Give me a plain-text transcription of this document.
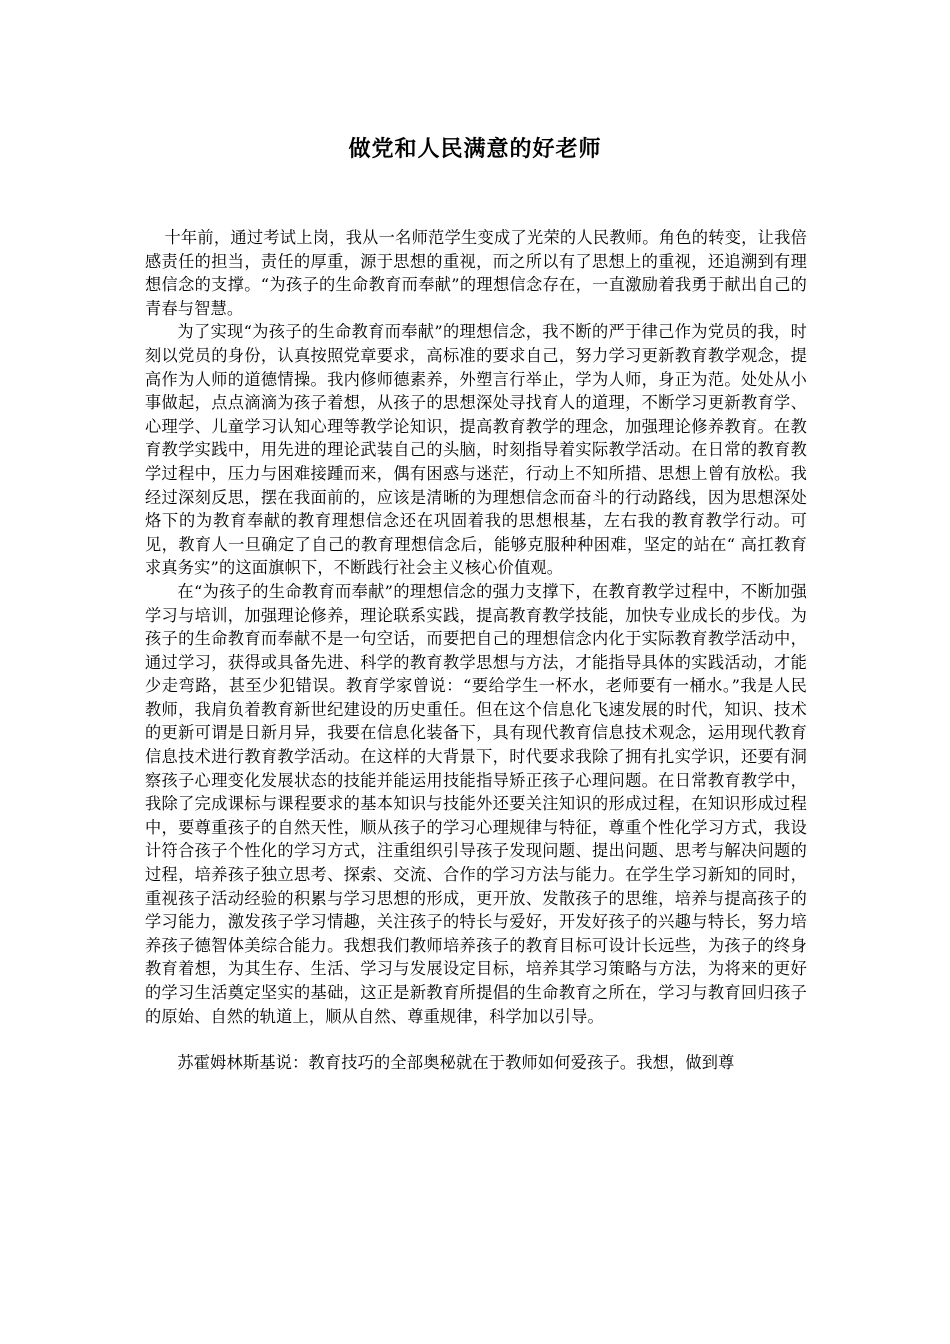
做党和人民满意的好老师

十年前，通过考试上岗，我从一名师范学生变成了光荣的人民教师。角色的转变，让我倍感责任的担当，责任的厚重，源于思想的重视，而之所以有了思想上的重视，还追溯到有理想信念的支撑。“为孩子的生命教育而奉献”的理想信念存在，一直激励着我勇于献出自己的青春与智慧。

为了实现“为孩子的生命教育而奉献”的理想信念，我不断的严于律己作为党员的我，时刻以党员的身份，认真按照党章要求，高标准的要求自己，努力学习更新教育教学观念，提高作为人师的道德情操。我内修师德素养，外塑言行举止，学为人师，身正为范。处处从小事做起，点点滴滴为孩子着想，从孩子的思想深处寻找育人的道理，不断学习更新教育学、心理学、儿童学习认知心理等教学论知识，提高教育教学的理念，加强理论修养教育。在教育教学实践中，用先进的理论武装自己的头脑，时刻指导着实际教学活动。在日常的教育教学过程中，压力与困难接踵而来，偶有困惑与迷茫，行动上不知所措、思想上曾有放松。我经过深刻反思，摆在我面前的，应该是清晰的为理想信念而奋斗的行动路线，因为思想深处烙下的为教育奉献的教育理想信念还在巩固着我的思想根基，左右我的教育教学行动。可见，教育人一旦确定了自己的教育理想信念后，能够克服种种困难，坚定的站在“ 高扛教育求真务实”的这面旗帜下，不断践行社会主义核心价值观。

在“为孩子的生命教育而奉献”的理想信念的强力支撑下，在教育教学过程中，不断加强学习与培训，加强理论修养，理论联系实践，提高教育教学技能，加快专业成长的步伐。为孩子的生命教育而奉献不是一句空话，而要把自己的理想信念内化于实际教育教学活动中，通过学习，获得或具备先进、科学的教育教学思想与方法，才能指导具体的实践活动，才能少走弯路，甚至少犯错误。教育学家曾说：“要给学生一杯水，老师要有一桶水。”我是人民教师，我肩负着教育新世纪建设的历史重任。但在这个信息化飞速发展的时代，知识、技术的更新可谓是日新月异，我要在信息化装备下，具有现代教育信息技术观念，运用现代教育信息技术进行教育教学活动。在这样的大背景下，时代要求我除了拥有扎实学识，还要有洞察孩子心理变化发展状态的技能并能运用技能指导矫正孩子心理问题。在日常教育教学中，我除了完成课标与课程要求的基本知识与技能外还要关注知识的形成过程，在知识形成过程中，要尊重孩子的自然天性，顺从孩子的学习心理规律与特征，尊重个性化学习方式，我设计符合孩子个性化的学习方式，注重组织引导孩子发现问题、提出问题、思考与解决问题的过程，培养孩子独立思考、探索、交流、合作的学习方法与能力。在学生学习新知的同时，重视孩子活动经验的积累与学习思想的形成，更开放、发散孩子的思维，培养与提高孩子的学习能力，激发孩子学习情趣，关注孩子的特长与爱好，开发好孩子的兴趣与特长，努力培养孩子德智体美综合能力。我想我们教师培养孩子的教育目标可设计长远些，为孩子的终身教育着想，为其生存、生活、学习与发展设定目标，培养其学习策略与方法，为将来的更好的学习生活奠定坚实的基础，这正是新教育所提倡的生命教育之所在，学习与教育回归孩子的原始、自然的轨道上，顺从自然、尊重规律，科学加以引导。

苏霍姆林斯基说：教育技巧的全部奥秘就在于教师如何爱孩子。我想，做到尊
